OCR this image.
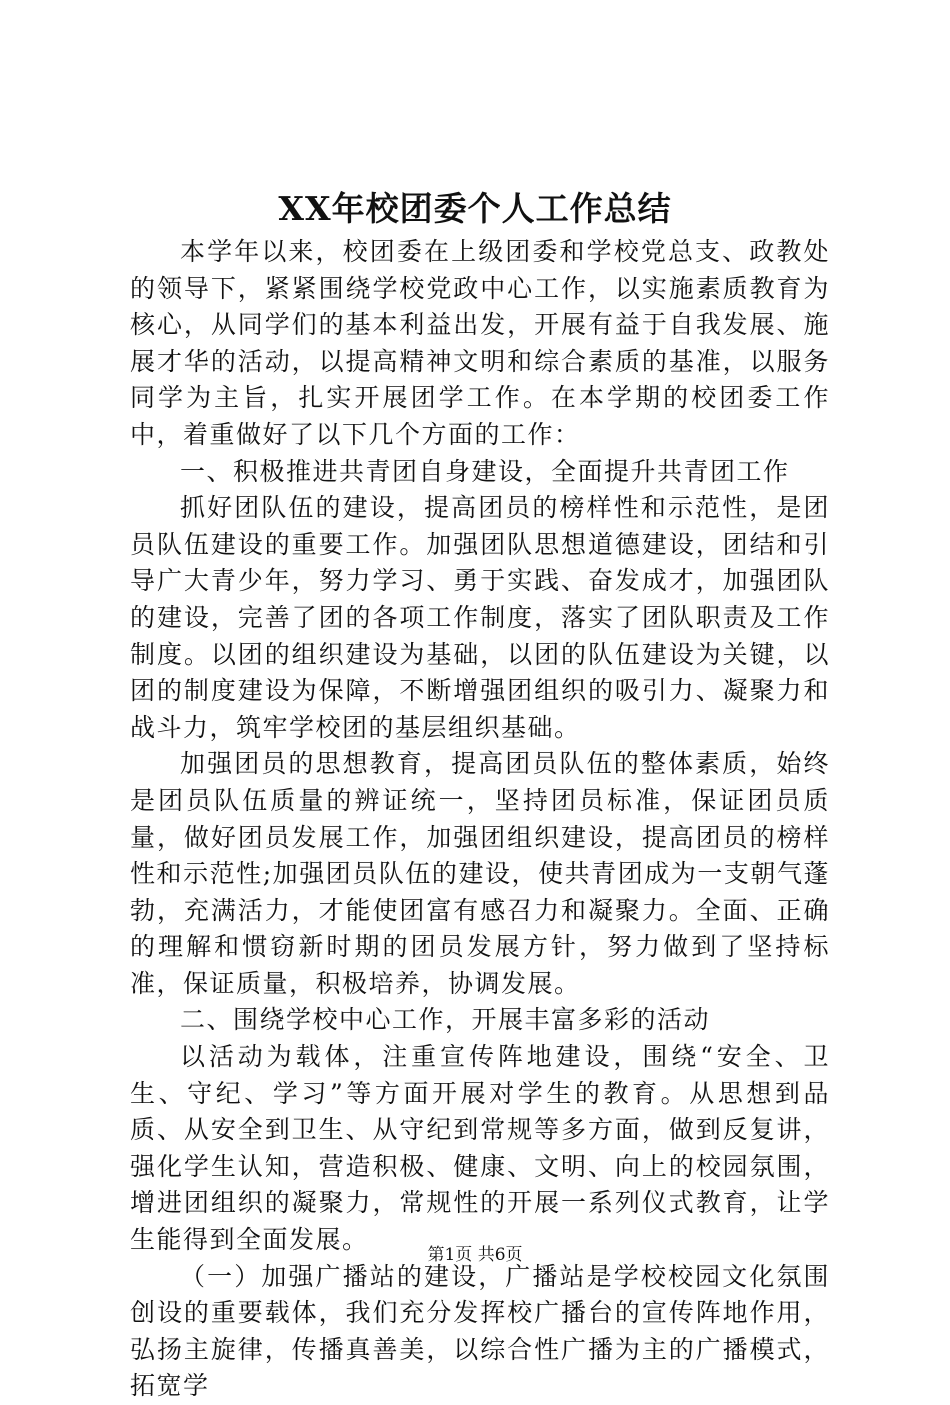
XX年校团委个人工作总结

本学年以来，校团委在上级团委和学校党总支、政教处的领导下，紧紧围绕学校党政中心工作，以实施素质教育为核心，从同学们的基本利益出发，开展有益于自我发展、施展才华的活动，以提高精神文明和综合素质的基准，以服务同学为主旨，扎实开展团学工作。在本学期的校团委工作中，着重做好了以下几个方面的工作：

一、积极推进共青团自身建设，全面提升共青团工作

抓好团队伍的建设，提高团员的榜样性和示范性，是团员队伍建设的重要工作。加强团队思想道德建设，团结和引导广大青少年，努力学习、勇于实践、奋发成才，加强团队的建设，完善了团的各项工作制度，落实了团队职责及工作制度。以团的组织建设为基础，以团的队伍建设为关键，以团的制度建设为保障，不断增强团组织的吸引力、凝聚力和战斗力，筑牢学校团的基层组织基础。

加强团员的思想教育，提高团员队伍的整体素质，始终是团员队伍质量的辨证统一，坚持团员标准，保证团员质量，做好团员发展工作，加强团组织建设，提高团员的榜样性和示范性;加强团员队伍的建设，使共青团成为一支朝气蓬勃，充满活力，才能使团富有感召力和凝聚力。全面、正确的理解和惯窃新时期的团员发展方针，努力做到了坚持标准，保证质量，积极培养，协调发展。

二、围绕学校中心工作，开展丰富多彩的活动

以活动为载体，注重宣传阵地建设，围绕“安全、卫生、守纪、学习”等方面开展对学生的教育。从思想到品质、从安全到卫生、从守纪到常规等多方面，做到反复讲，强化学生认知，营造积极、健康、文明、向上的校园氛围，增进团组织的凝聚力，常规性的开展一系列仪式教育，让学生能得到全面发展。

（一）加强广播站的建设，广播站是学校校园文化氛围创设的重要载体，我们充分发挥校广播台的宣传阵地作用，弘扬主旋律，传播真善美，以综合性广播为主的广播模式，拓宽学

第1页 共6页
